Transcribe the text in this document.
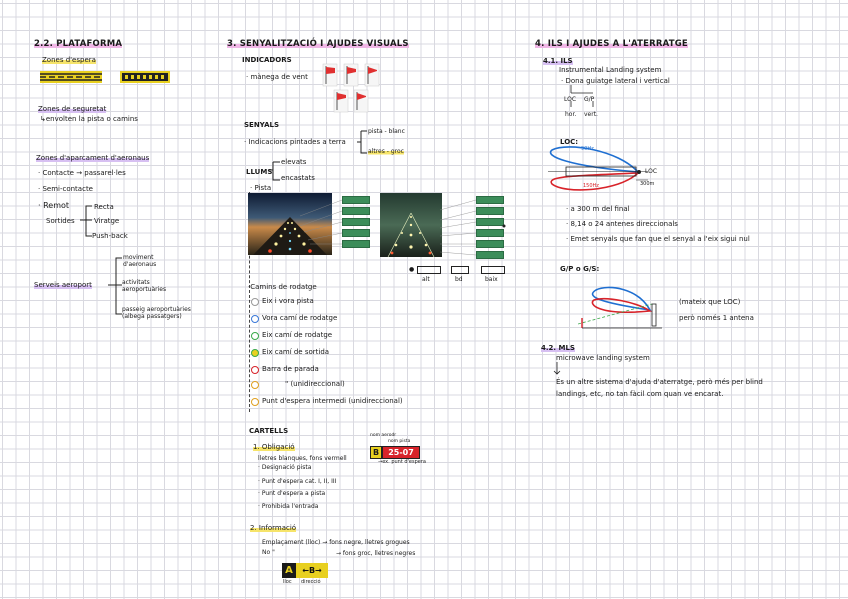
2.2. PLATAFORMA
Zones d'espera
Zones de seguretat
↳envolten la pista o camins
Zones d'aparcament d'aeronaus
· Contacte → passarel·les
· Semi-contacte
· Remot
Sortides
Recta
Viratge
Push-back
Serveis aeroport
moviment d'aeronaus
activitats aeroportuàries
passeig aeroportuàries (albega passatgers)
3. SENYALITZACIÓ I AJUDES VISUALS
INDICADORS
· mànega de vent
SENYALS
· Indicacions pintades a terra
pista - blanc
altres - groc
LLUMS
elevats
encastats
· Pista
●
alt	bd	baix
·Camins de rodatge
Eix i vora pista
Vora camí de rodatge
Eix camí de rodatge
Eix camí de sortida
Barra de parada
" (unidireccional)
Punt d'espera intermedi (unidireccional)
CARTELLS
1. Obligació
lletres blanques, fons vermell
nom aerodr
nom pista
B	25-07
→ex. punt d'espera
· Designació pista
· Punt d'espera cat. I, II, III
· Punt d'espera a pista
· Prohibida l'entrada
2. Informació
Emplaçament (lloc) → fons negre, lletres grogues
No "	→ fons groc, lletres negres
A	←B→
lloc direcció
4. ILS I AJUDES A L'ATERRATGE
4.1. ILS
Instrumental Landing system
· Dona guiatge lateral i vertical
LOC G/P
hor. vert.
LOC:
LOC
90Hz
150Hz	300m
· a 300 m del final
· 8,14 o 24 antenes direccionals
· Emet senyals que fan que el senyal a l'eix sigui nul
G/P o G/S:
(mateix que LOC)
però només 1 antena
4.2. MLS
microwave landing system
És un altre sistema d'ajuda d'aterratge, però més per blind
landings, etc, no tan fàcil com quan ve encarat.
